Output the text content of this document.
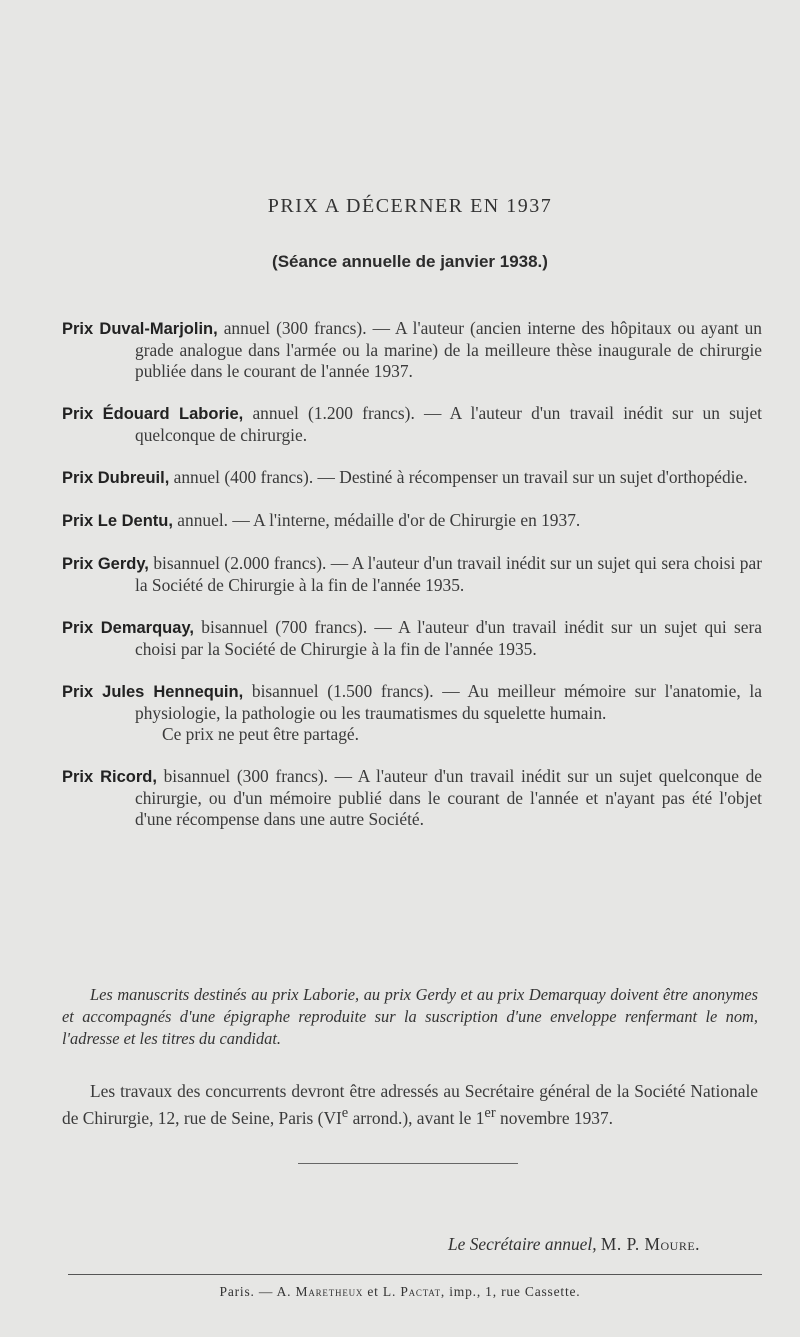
PRIX A DÉCERNER EN 1937
(Séance annuelle de janvier 1938.)

Prix Duval-Marjolin, annuel (300 francs). — A l'auteur (ancien interne des hôpitaux ou ayant un grade analogue dans l'armée ou la marine) de la meilleure thèse inaugurale de chirurgie publiée dans le courant de l'année 1937.

Prix Édouard Laborie, annuel (1.200 francs). — A l'auteur d'un travail inédit sur un sujet quelconque de chirurgie.

Prix Dubreuil, annuel (400 francs). — Destiné à récompenser un travail sur un sujet d'orthopédie.

Prix Le Dentu, annuel. — A l'interne, médaille d'or de Chirurgie en 1937.

Prix Gerdy, bisannuel (2.000 francs). — A l'auteur d'un travail inédit sur un sujet qui sera choisi par la Société de Chirurgie à la fin de l'année 1935.

Prix Demarquay, bisannuel (700 francs). — A l'auteur d'un travail inédit sur un sujet qui sera choisi par la Société de Chirurgie à la fin de l'année 1935.

Prix Jules Hennequin, bisannuel (1.500 francs). — Au meilleur mémoire sur l'anatomie, la physiologie, la pathologie ou les traumatismes du squelette humain.

Ce prix ne peut être partagé.

Prix Ricord, bisannuel (300 francs). — A l'auteur d'un travail inédit sur un sujet quelconque de chirurgie, ou d'un mémoire publié dans le courant de l'année et n'ayant pas été l'objet d'une récompense dans une autre Société.

Les manuscrits destinés au prix Laborie, au prix Gerdy et au prix Demarquay doivent être anonymes et accompagnés d'une épigraphe reproduite sur la suscription d'une enveloppe renfermant le nom, l'adresse et les titres du candidat.

Les travaux des concurrents devront être adressés au Secrétaire général de la Société Nationale de Chirurgie, 12, rue de Seine, Paris (VIe arrond.), avant le 1er novembre 1937.

Le Secrétaire annuel, M. P. Moure.
Paris. — A. Maretheux et L. Pactat, imp., 1, rue Cassette.
